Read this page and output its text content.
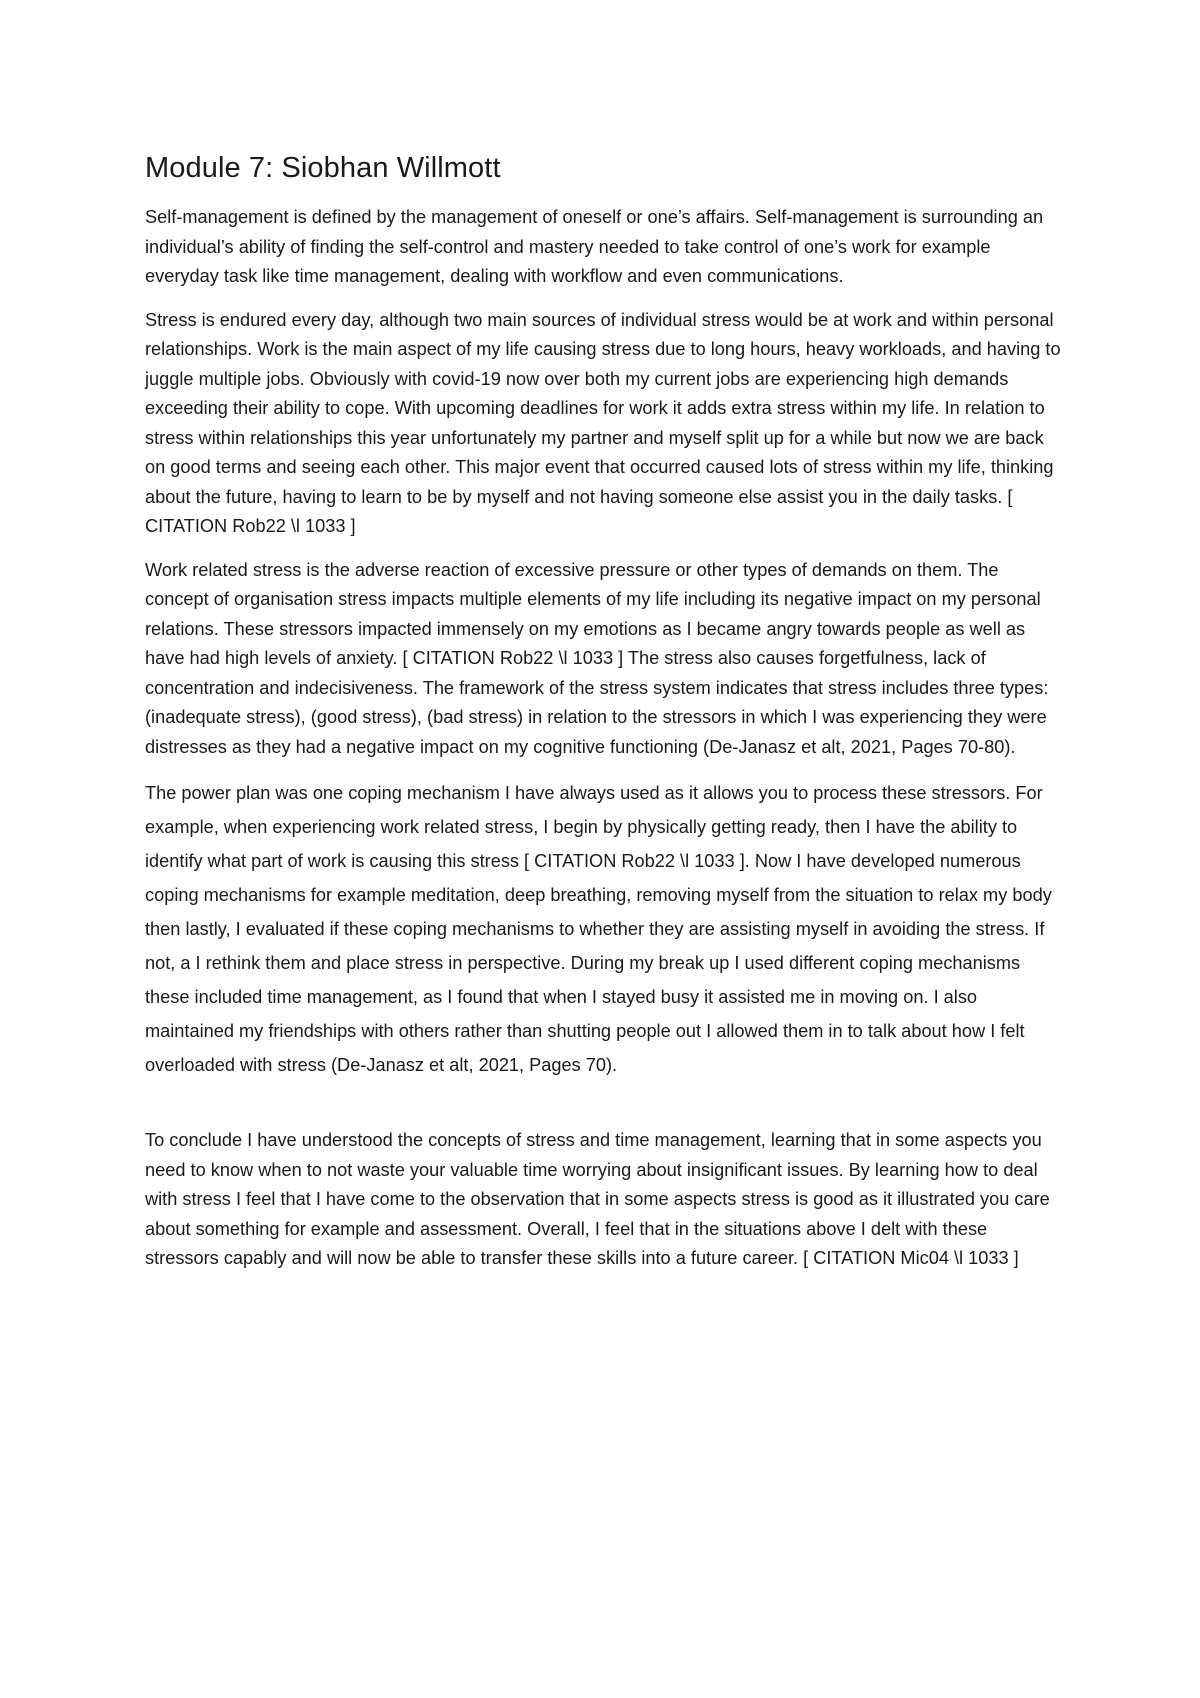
Module 7: Siobhan Willmott

Self-management is defined by the management of oneself or one’s affairs. Self-management is surrounding an individual’s ability of finding the self-control and mastery needed to take control of one’s work for example everyday task like time management, dealing with workflow and even communications.

Stress is endured every day, although two main sources of individual stress would be at work and within personal relationships. Work is the main aspect of my life causing stress due to long hours, heavy workloads, and having to juggle multiple jobs. Obviously with covid-19 now over both my current jobs are experiencing high demands exceeding their ability to cope. With upcoming deadlines for work it adds extra stress within my life. In relation to stress within relationships this year unfortunately my partner and myself split up for a while but now we are back on good terms and seeing each other. This major event that occurred caused lots of stress within my life, thinking about the future, having to learn to be by myself and not having someone else assist you in the daily tasks. [ CITATION Rob22 \l 1033 ]

Work related stress is the adverse reaction of excessive pressure or other types of demands on them. The concept of organisation stress impacts multiple elements of my life including its negative impact on my personal relations. These stressors impacted immensely on my emotions as I became angry towards people as well as have had high levels of anxiety. [ CITATION Rob22 \l 1033 ] The stress also causes forgetfulness, lack of concentration and indecisiveness. The framework of the stress system indicates that stress includes three types: (inadequate stress), (good stress), (bad stress) in relation to the stressors in which I was experiencing they were distresses as they had a negative impact on my cognitive functioning (De-Janasz et alt, 2021, Pages 70-80).

The power plan was one coping mechanism I have always used as it allows you to process these stressors. For example, when experiencing work related stress, I begin by physically getting ready, then I have the ability to identify what part of work is causing this stress [ CITATION Rob22 \l 1033 ]. Now I have developed numerous coping mechanisms for example meditation, deep breathing, removing myself from the situation to relax my body then lastly, I evaluated if these coping mechanisms to whether they are assisting myself in avoiding the stress. If not, a I rethink them and place stress in perspective. During my break up I used different coping mechanisms these included time management, as I found that when I stayed busy it assisted me in moving on. I also maintained my friendships with others rather than shutting people out I allowed them in to talk about how I felt overloaded with stress (De-Janasz et alt, 2021, Pages 70).

To conclude I have understood the concepts of stress and time management, learning that in some aspects you need to know when to not waste your valuable time worrying about insignificant issues. By learning how to deal with stress I feel that I have come to the observation that in some aspects stress is good as it illustrated you care about something for example and assessment. Overall, I feel that in the situations above I delt with these stressors capably and will now be able to transfer these skills into a future career. [ CITATION Mic04 \l 1033 ]
